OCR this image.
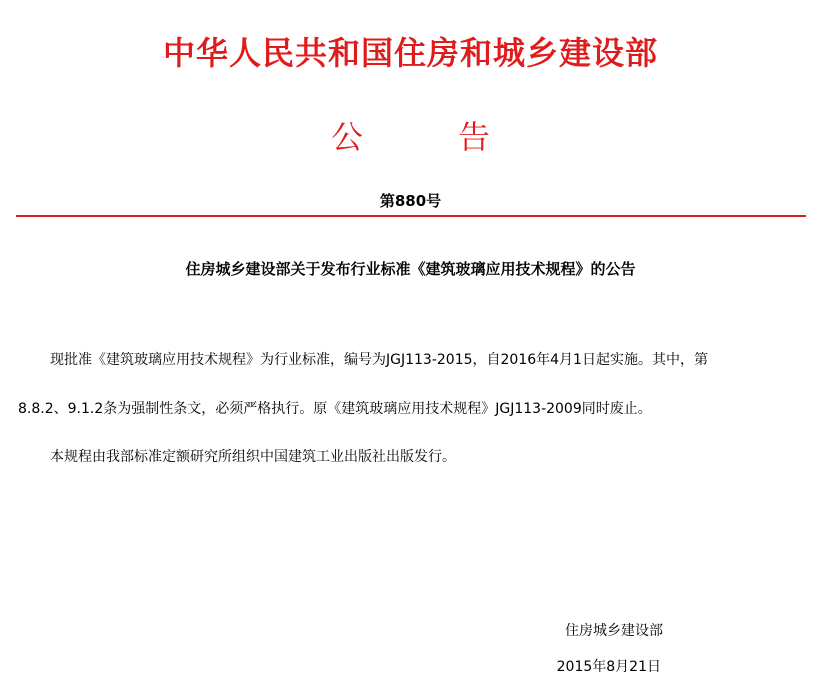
中华人民共和国住房和城乡建设部
公	告
第880号
住房城乡建设部关于发布行业标准《建筑玻璃应用技术规程》的公告
现批准《建筑玻璃应用技术规程》为行业标准，编号为JGJ113-2015，自2016年4月1日起实施。其中，第
8.8.2、9.1.2条为强制性条文，必须严格执行。原《建筑玻璃应用技术规程》JGJ113-2009同时废止。
本规程由我部标准定额研究所组织中国建筑工业出版社出版发行。
住房城乡建设部
2015年8月21日
